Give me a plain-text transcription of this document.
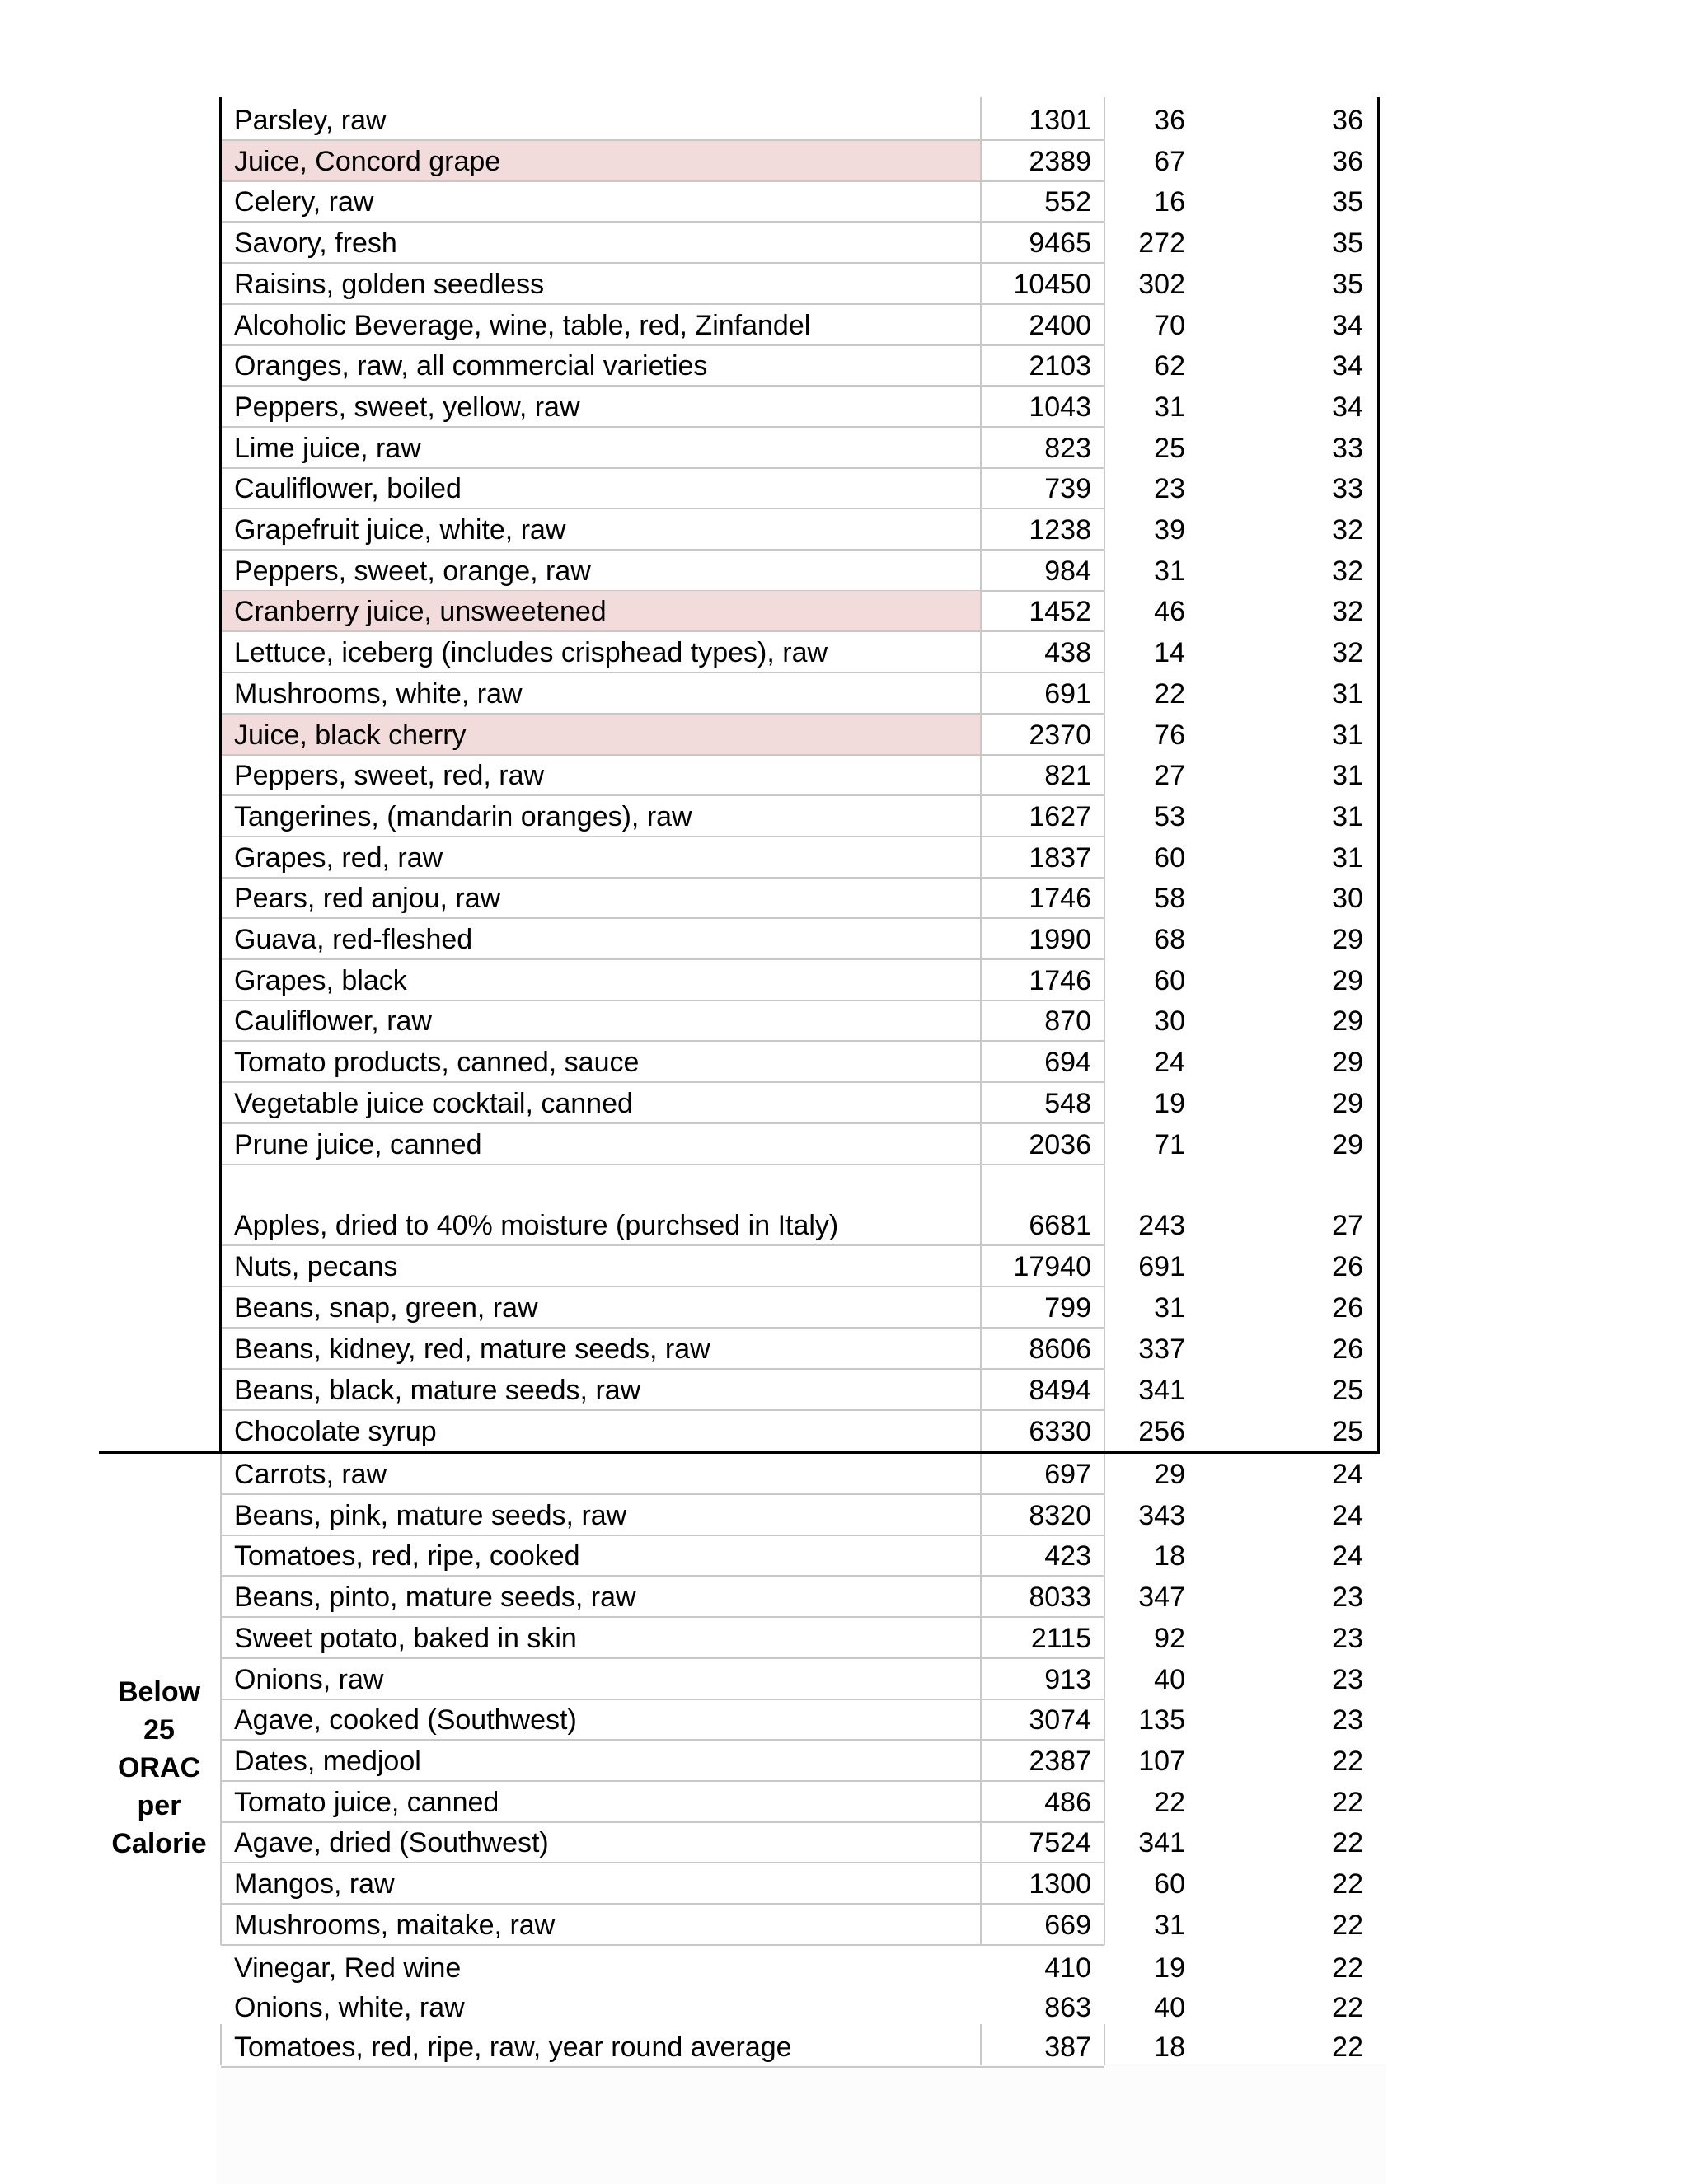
Parsley, raw	1301	36	36
Juice, Concord grape	2389	67	36
Celery, raw	552	16	35
Savory, fresh	9465	272	35
Raisins, golden seedless	10450	302	35
Alcoholic Beverage, wine, table, red, Zinfandel	2400	70	34
Oranges, raw, all commercial varieties	2103	62	34
Peppers, sweet, yellow, raw	1043	31	34
Lime juice, raw	823	25	33
Cauliflower, boiled	739	23	33
Grapefruit juice, white, raw	1238	39	32
Peppers, sweet, orange, raw	984	31	32
Cranberry juice, unsweetened	1452	46	32
Lettuce, iceberg (includes crisphead types), raw	438	14	32
Mushrooms, white, raw	691	22	31
Juice, black cherry	2370	76	31
Peppers, sweet, red, raw	821	27	31
Tangerines, (mandarin oranges), raw	1627	53	31
Grapes, red, raw	1837	60	31
Pears, red anjou, raw	1746	58	30
Guava, red-fleshed	1990	68	29
Grapes, black	1746	60	29
Cauliflower, raw	870	30	29
Tomato products, canned, sauce	694	24	29
Vegetable juice cocktail, canned	548	19	29
Prune juice, canned	2036	71	29
Apples, dried to 40% moisture (purchsed in Italy)	6681	243	27
Nuts, pecans	17940	691	26
Beans, snap, green, raw	799	31	26
Beans, kidney, red, mature seeds, raw	8606	337	26
Beans, black, mature seeds, raw	8494	341	25
Chocolate syrup	6330	256	25
Carrots, raw	697	29	24
Beans, pink, mature seeds, raw	8320	343	24
Tomatoes, red, ripe, cooked	423	18	24
Beans, pinto, mature seeds, raw	8033	347	23
Sweet potato, baked in skin	2115	92	23
Onions, raw	913	40	23
Agave, cooked (Southwest)	3074	135	23
Dates, medjool	2387	107	22
Tomato juice, canned	486	22	22
Agave, dried (Southwest)	7524	341	22
Mangos, raw	1300	60	22
Mushrooms, maitake, raw	669	31	22
Vinegar, Red wine	410	19	22
Onions, white, raw	863	40	22
Tomatoes, red, ripe, raw, year round average	387	18	22
Below
25
ORAC
per
Calorie
